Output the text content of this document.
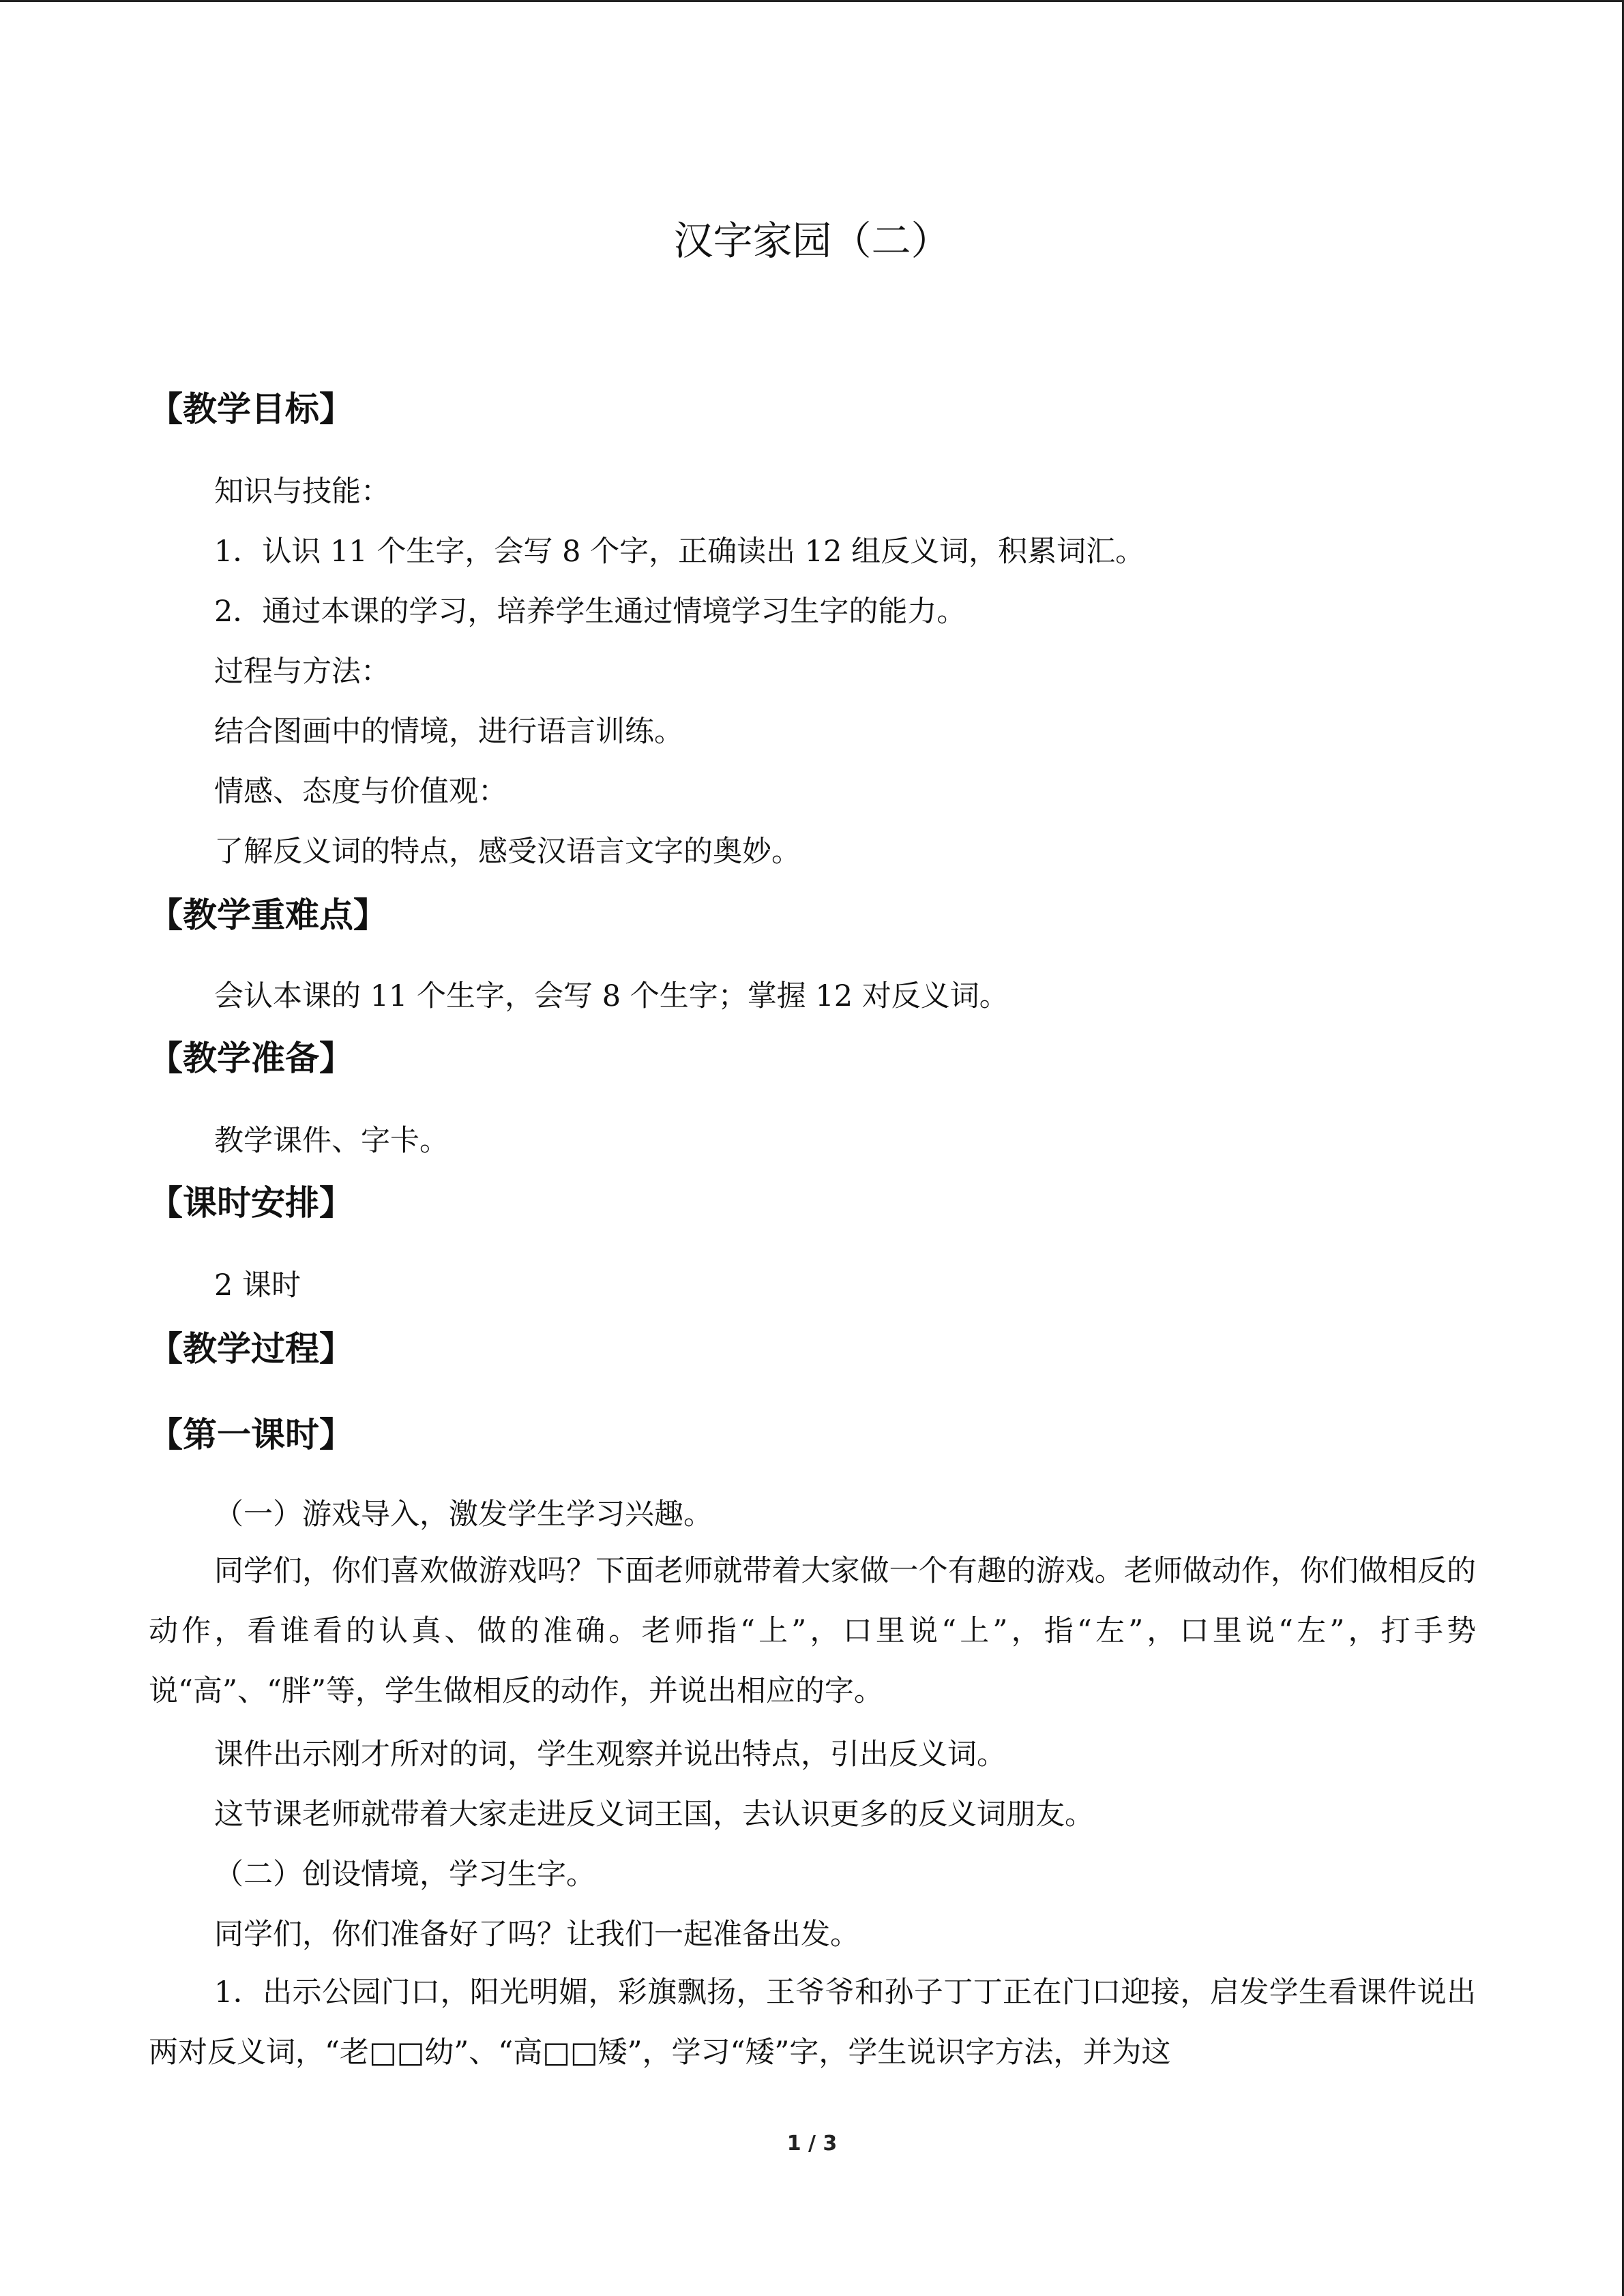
汉字家园（二）
【教学目标】
知识与技能：
1．认识 11 个生字，会写 8 个字，正确读出 12 组反义词，积累词汇。
2．通过本课的学习，培养学生通过情境学习生字的能力。
过程与方法：
结合图画中的情境，进行语言训练。
情感、态度与价值观：
了解反义词的特点，感受汉语言文字的奥妙。
【教学重难点】
会认本课的 11 个生字，会写 8 个生字；掌握 12 对反义词。
【教学准备】
教学课件、字卡。
【课时安排】
2 课时
【教学过程】
【第一课时】
（一）游戏导入，激发学生学习兴趣。
同学们，你们喜欢做游戏吗？下面老师就带着大家做一个有趣的游戏。老师做动作，你们做相反的动作，看谁看的认真、做的准确。老师指“上”，口里说“上”，指“左”，口里说“左”，打手势说“高”、“胖”等，学生做相反的动作，并说出相应的字。
课件出示刚才所对的词，学生观察并说出特点，引出反义词。
这节课老师就带着大家走进反义词王国，去认识更多的反义词朋友。
（二）创设情境，学习生字。
同学们，你们准备好了吗？让我们一起准备出发。
1．出示公园门口，阳光明媚，彩旗飘扬，王爷爷和孙子丁丁正在门口迎接，启发学生看课件说出两对反义词，“老□□幼”、“高□□矮”，学习“矮”字，学生说识字方法，并为这
1 / 3
